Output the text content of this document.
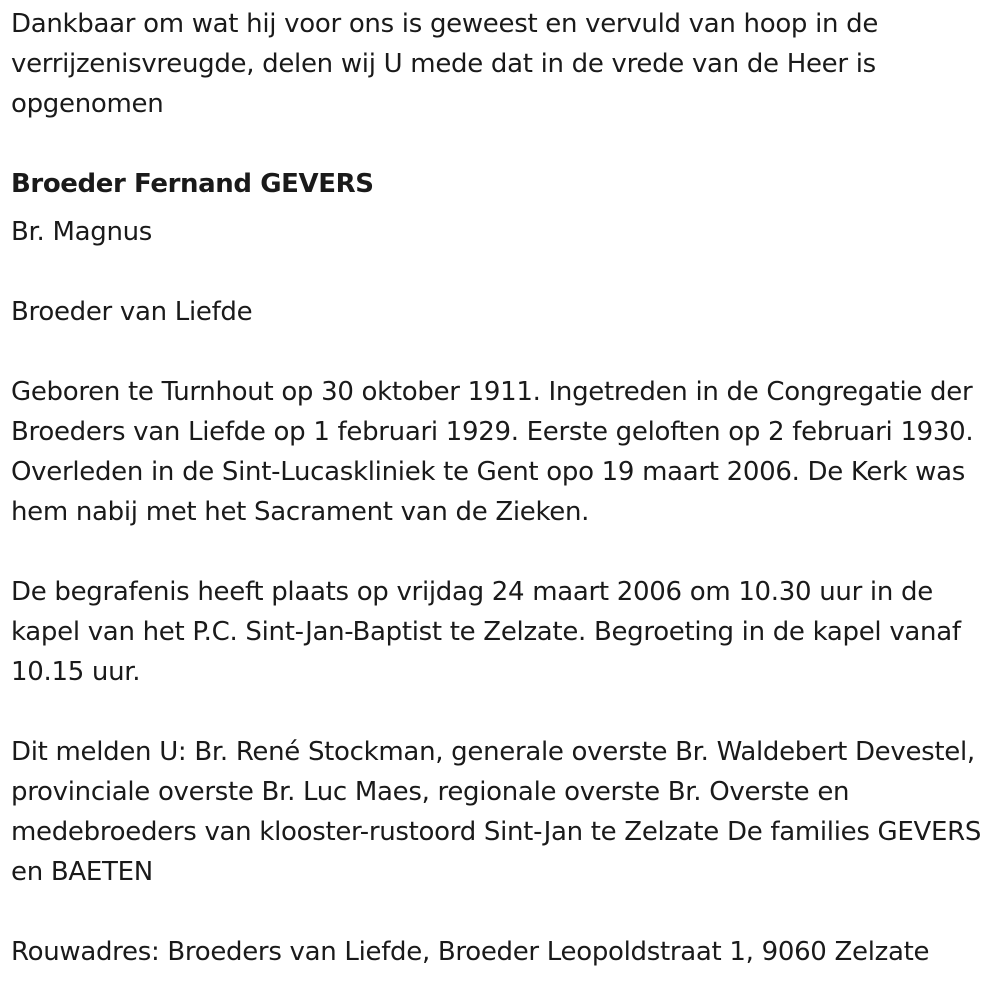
Dankbaar om wat hij voor ons is geweest en vervuld van hoop in de verrijzenisvreugde, delen wij U mede dat in de vrede van de Heer is opgenomen

Broeder Fernand GEVERS

Br. Magnus

Broeder van Liefde

Geboren te Turnhout op 30 oktober 1911. Ingetreden in de Congregatie der Broeders van Liefde op 1 februari 1929. Eerste geloften op 2 februari 1930. Overleden in de Sint-Lucaskliniek te Gent opo 19 maart 2006. De Kerk was hem nabij met het Sacrament van de Zieken.

De begrafenis heeft plaats op vrijdag 24 maart 2006 om 10.30 uur in de kapel van het P.C. Sint-Jan-Baptist te Zelzate. Begroeting in de kapel vanaf 10.15 uur.

Dit melden U: Br. René Stockman, generale overste Br. Waldebert Devestel, provinciale overste Br. Luc Maes, regionale overste Br. Overste en medebroeders van klooster-rustoord Sint-Jan te Zelzate De families GEVERS en BAETEN

Rouwadres: Broeders van Liefde, Broeder Leopoldstraat 1, 9060 Zelzate
